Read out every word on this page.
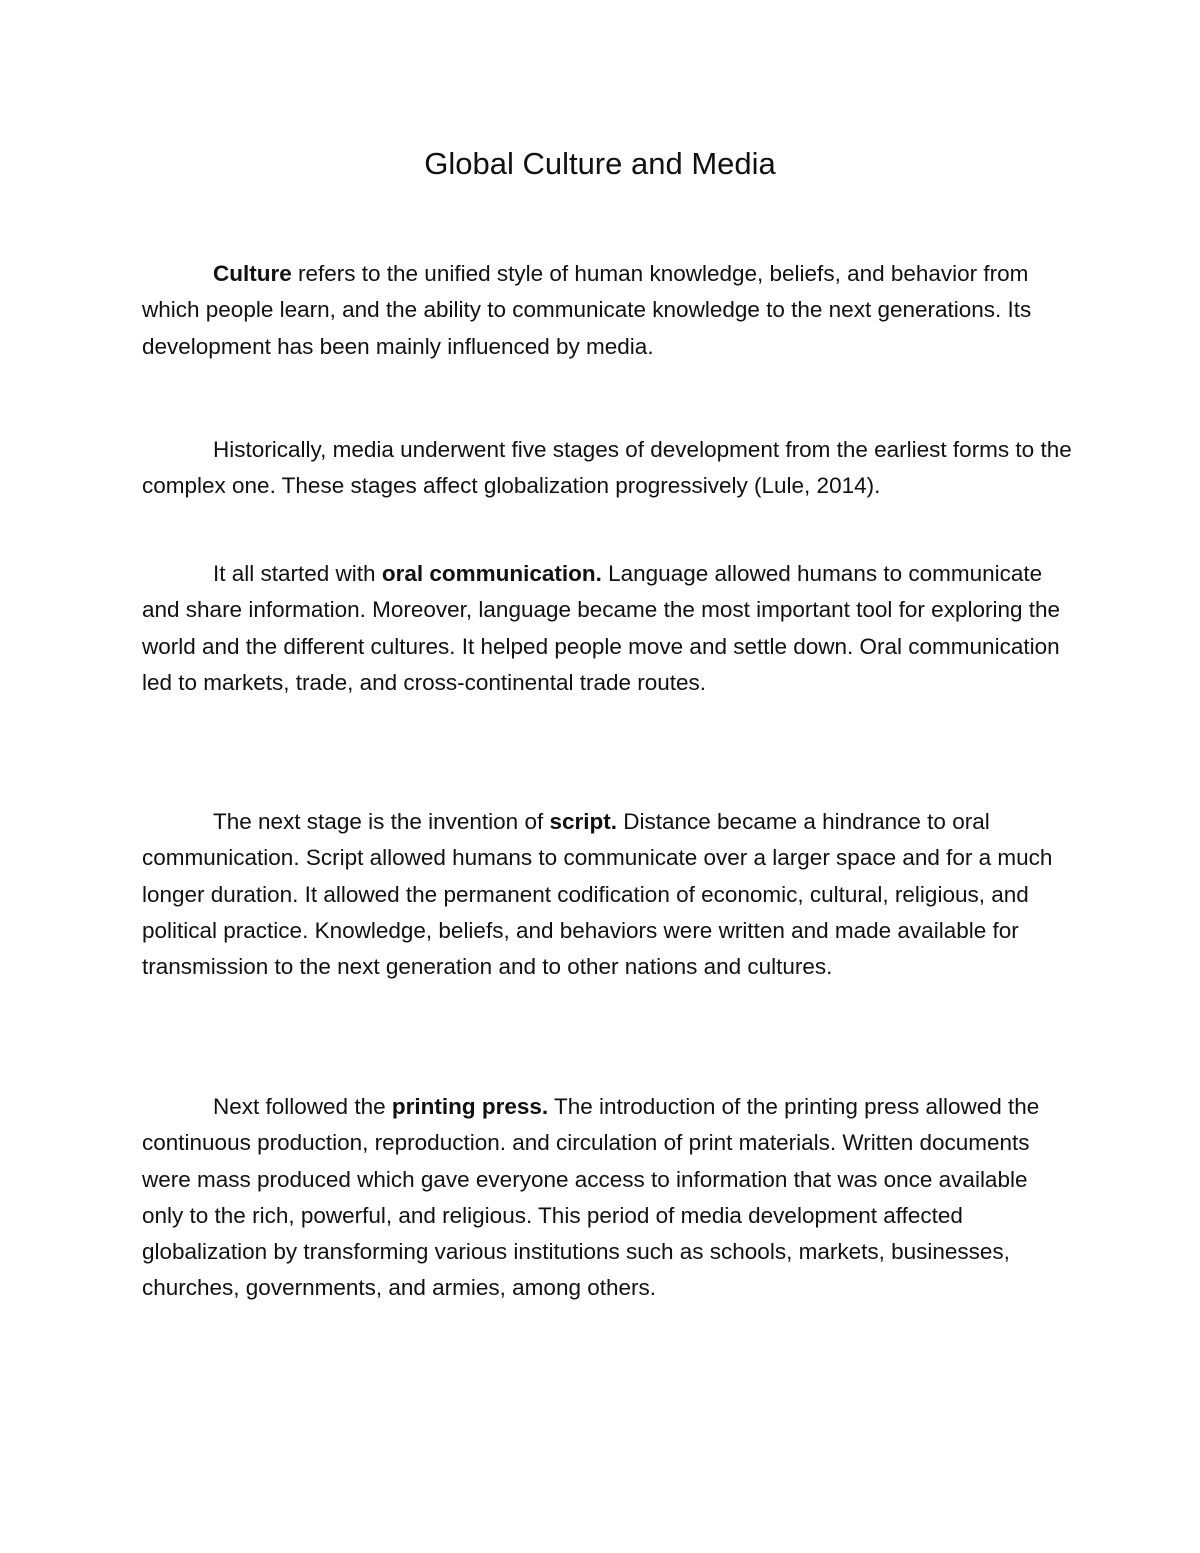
Global Culture and Media

Culture refers to the unified style of human knowledge, beliefs, and behavior from which people learn, and the ability to communicate knowledge to the next generations. Its development has been mainly influenced by media.

Historically, media underwent five stages of development from the earliest forms to the complex one. These stages affect globalization progressively (Lule, 2014).

It all started with oral communication. Language allowed humans to communicate and share information. Moreover, language became the most important tool for exploring the world and the different cultures. It helped people move and settle down. Oral communication led to markets, trade, and cross-continental trade routes.

The next stage is the invention of script. Distance became a hindrance to oral communication. Script allowed humans to communicate over a larger space and for a much longer duration. It allowed the permanent codification of economic, cultural, religious, and political practice. Knowledge, beliefs, and behaviors were written and made available for transmission to the next generation and to other nations and cultures.

Next followed the printing press. The introduction of the printing press allowed the continuous production, reproduction. and circulation of print materials. Written documents were mass produced which gave everyone access to information that was once available only to the rich, powerful, and religious. This period of media development affected globalization by transforming various institutions such as schools, markets, businesses, churches, governments, and armies, among others.
